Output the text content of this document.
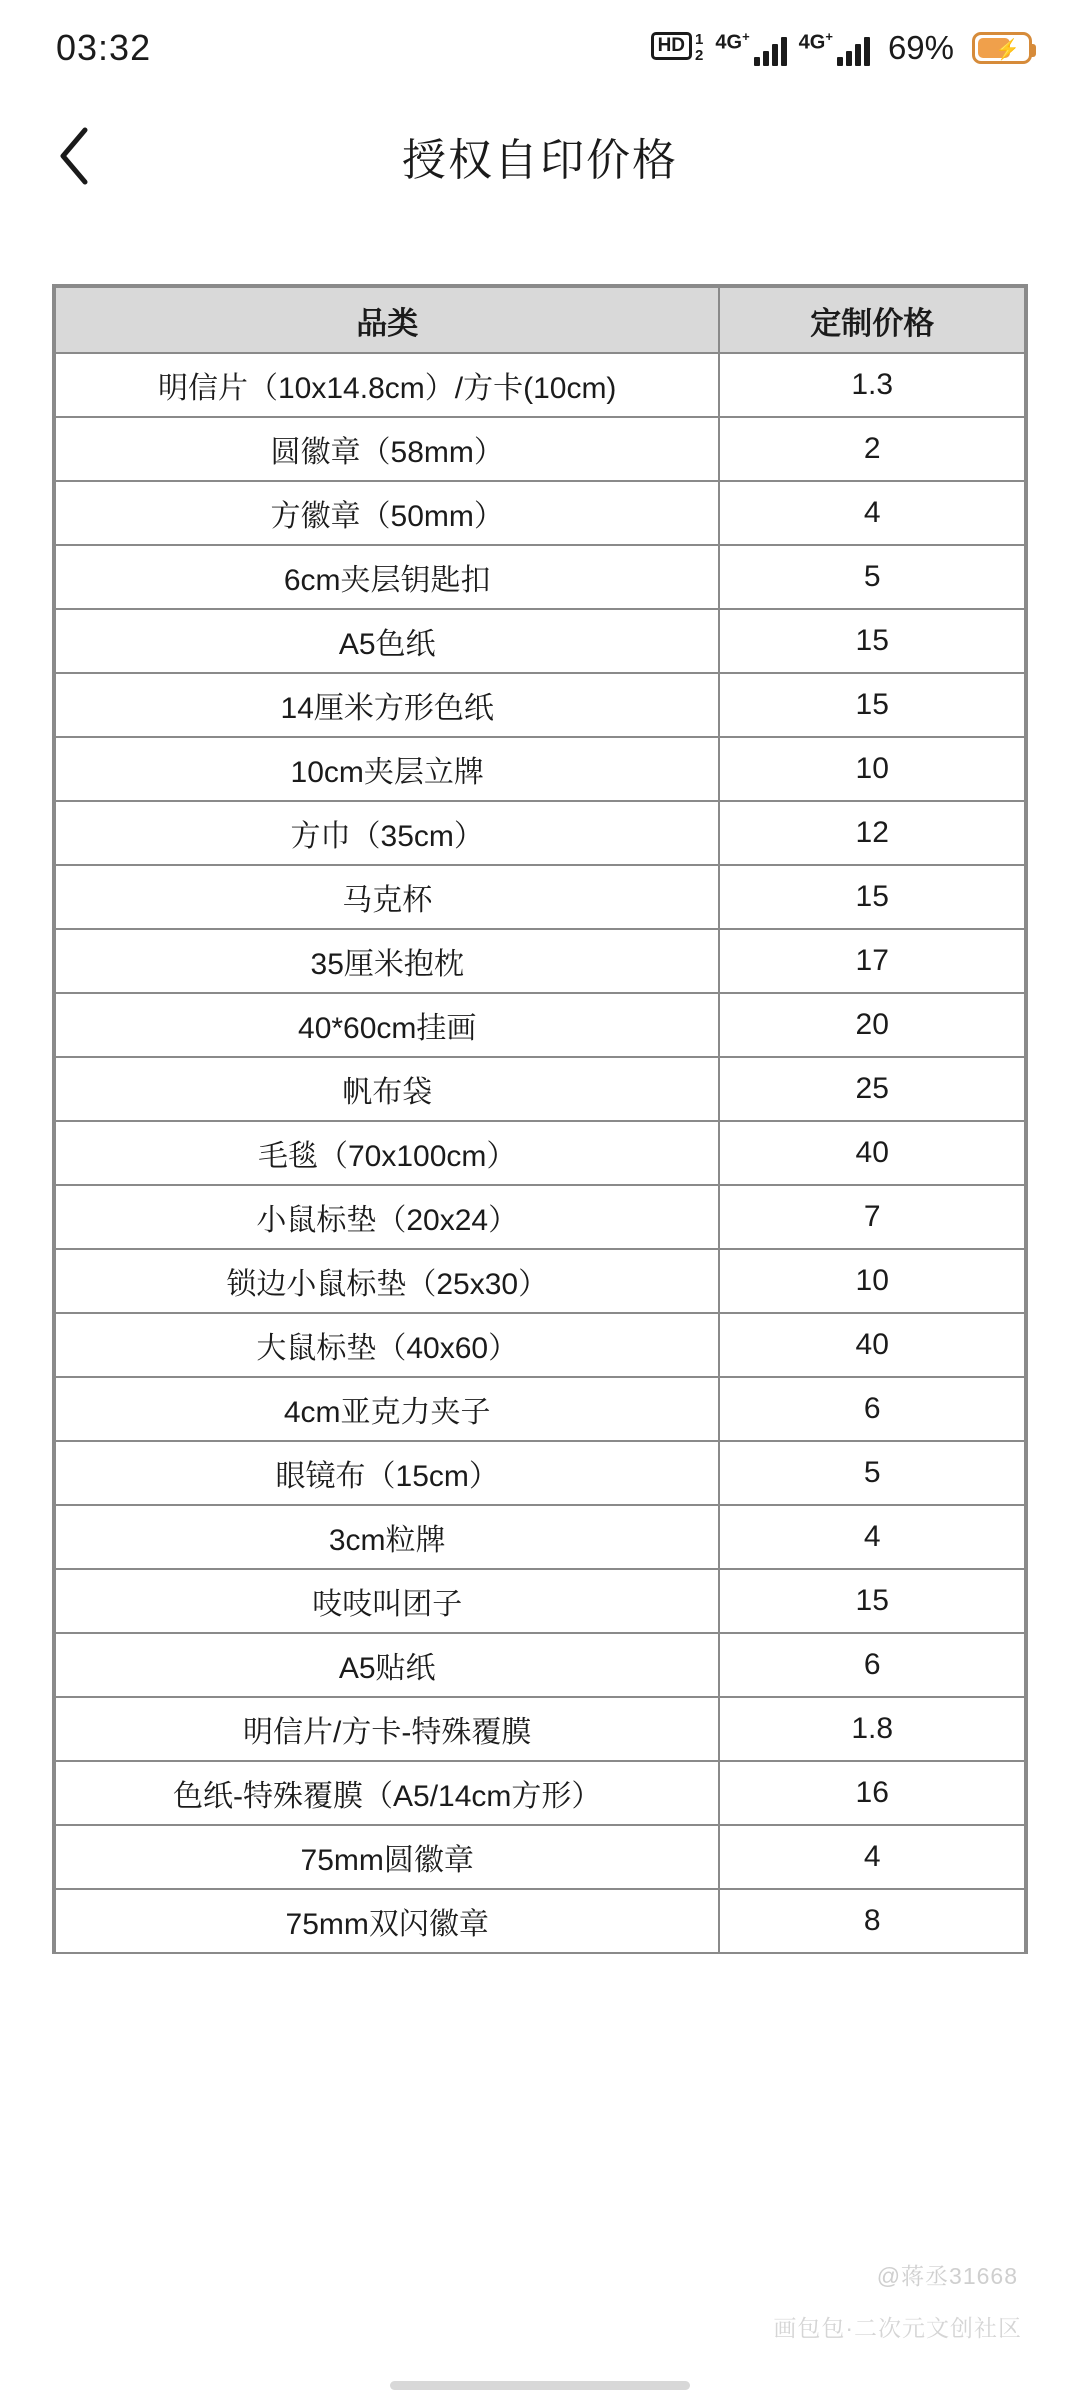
03:32	HD 1
2
4G+ 4G+ 69% ⚡
授权自印价格
品类	定制价格
明信片（10x14.8cm）/方卡(10cm)	1.3
圆徽章（58mm）	2
方徽章（50mm）	4
6cm夹层钥匙扣	5
A5色纸	15
14厘米方形色纸	15
10cm夹层立牌	10
方巾（35cm）	12
马克杯	15
35厘米抱枕	17
40*60cm挂画	20
帆布袋	25
毛毯（70x100cm）	40
小鼠标垫（20x24）	7
锁边小鼠标垫（25x30）	10
大鼠标垫（40x60）	40
4cm亚克力夹子	6
眼镜布（15cm）	5
3cm粒牌	4
吱吱叫团子	15
A5贴纸	6
明信片/方卡-特殊覆膜	1.8
色纸-特殊覆膜（A5/14cm方形）	16
75mm圆徽章	4
75mm双闪徽章	8
@蒋丞31668
画包包·二次元文创社区
